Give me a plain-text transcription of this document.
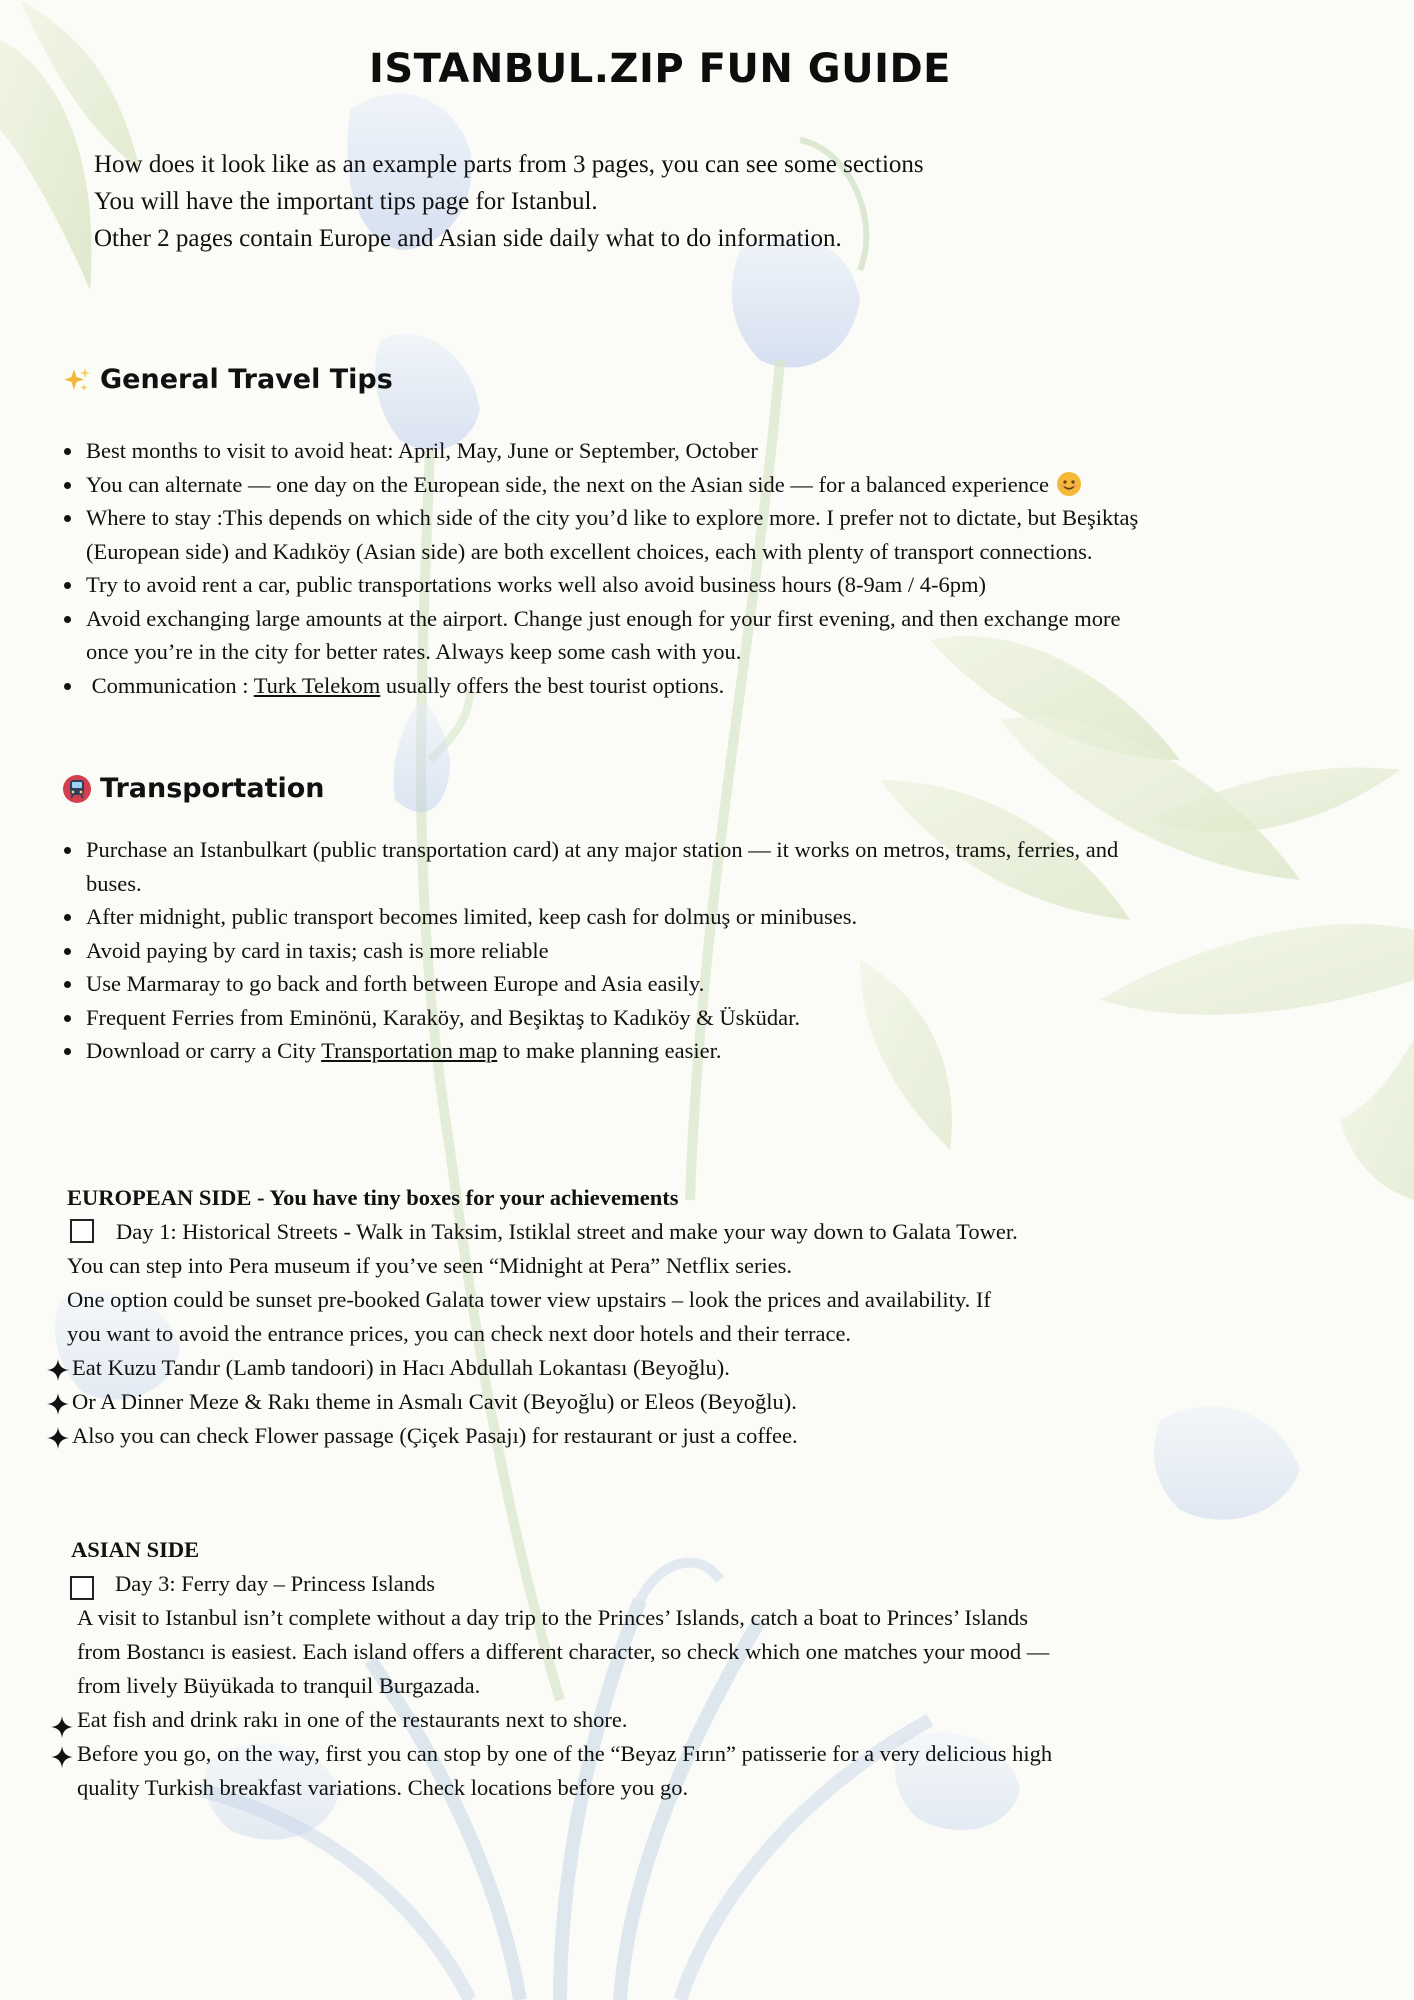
ISTANBUL.ZIP FUN GUIDE
How does it look like as an example parts from 3 pages, you can see some sections
You will have the important tips page for Istanbul.
Other 2 pages contain Europe and Asian side daily what to do information.
General Travel Tips
Best months to visit to avoid heat: April, May, June or September, October
You can alternate — one day on the European side, the next on the Asian side — for a balanced experience
Where to stay :This depends on which side of the city you’d like to explore more. I prefer not to dictate, but Beşiktaş
(European side) and Kadıköy (Asian side) are both excellent choices, each with plenty of transport connections.
Try to avoid rent a car, public transportations works well also avoid business hours (8-9am / 4-6pm)
Avoid exchanging large amounts at the airport. Change just enough for your first evening, and then exchange more
once you’re in the city for better rates. Always keep some cash with you.
Communication : Turk Telekom usually offers the best tourist options.
Transportation
Purchase an Istanbulkart (public transportation card) at any major station — it works on metros, trams, ferries, and
buses.
After midnight, public transport becomes limited, keep cash for dolmuş or minibuses.
Avoid paying by card in taxis; cash is more reliable
Use Marmaray to go back and forth between Europe and Asia easily.
Frequent Ferries from Eminönü, Karaköy, and Beşiktaş to Kadıköy & Üsküdar.
Download or carry a City Transportation map to make planning easier.
EUROPEAN SIDE - You have tiny boxes for your achievements
Day 1: Historical Streets - Walk in Taksim, Istiklal street and make your way down to Galata Tower.
You can step into Pera museum if you’ve seen “Midnight at Pera” Netflix series.
One option could be sunset pre-booked Galata tower view upstairs – look the prices and availability. If
you want to avoid the entrance prices, you can check next door hotels and their terrace.
Eat Kuzu Tandır (Lamb tandoori) in Hacı Abdullah Lokantası (Beyoğlu).
Or A Dinner Meze & Rakı theme in Asmalı Cavit (Beyoğlu) or Eleos (Beyoğlu).
Also you can check Flower passage (Çiçek Pasajı) for restaurant or just a coffee.
ASIAN SIDE
Day 3: Ferry day – Princess Islands
A visit to Istanbul isn’t complete without a day trip to the Princes’ Islands, catch a boat to Princes’ Islands
from Bostancı is easiest. Each island offers a different character, so check which one matches your mood —
from lively Büyükada to tranquil Burgazada.
Eat fish and drink rakı in one of the restaurants next to shore.
Before you go, on the way, first you can stop by one of the “Beyaz Fırın” patisserie for a very delicious high
quality Turkish breakfast variations. Check locations before you go.
